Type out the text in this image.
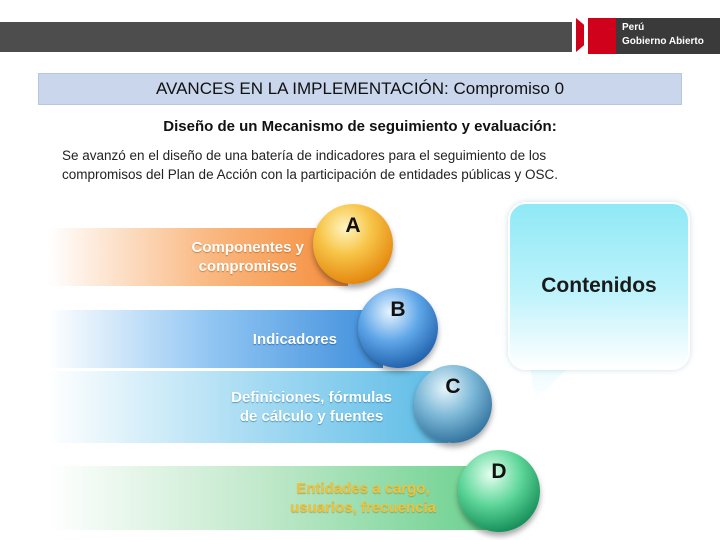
Perú
Gobierno Abierto
AVANCES EN LA IMPLEMENTACIÓN: Compromiso 0
Diseño de un Mecanismo de seguimiento y evaluación:
Se avanzó en el diseño de una batería de indicadores para el seguimiento de los
compromisos del Plan de Acción con la participación de entidades públicas y OSC.
Componentes y
compromisos
Indicadores
Definiciones, fórmulas
de cálculo y fuentes
Entidades a cargo,
usuarios, frecuencia
A
B
C
D
Contenidos
